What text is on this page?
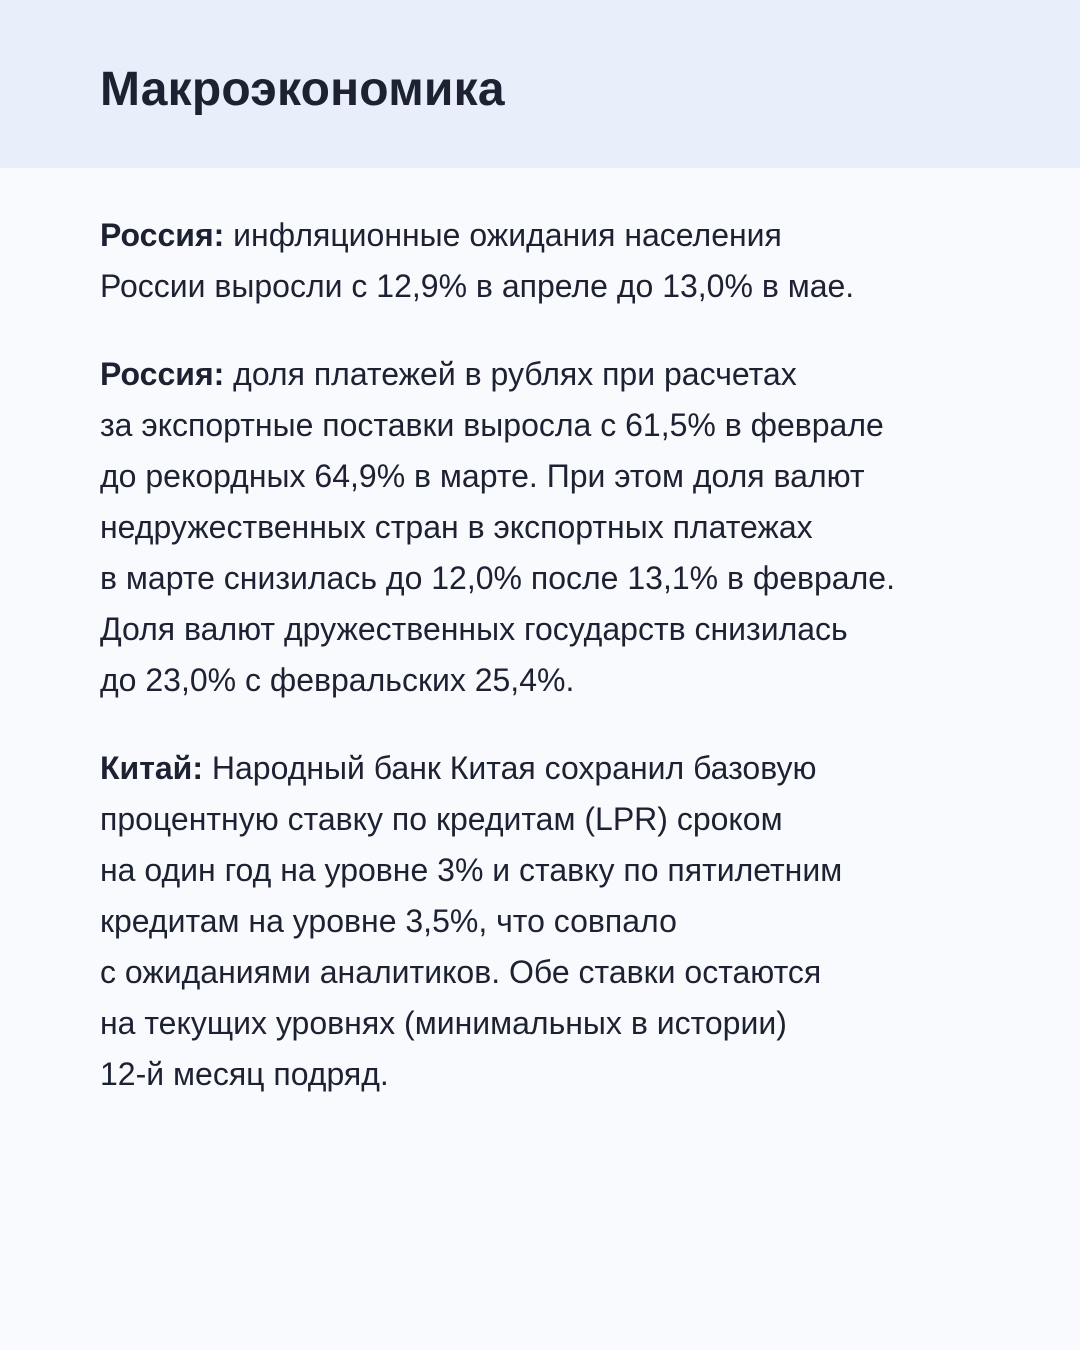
Макроэкономика

Россия: инфляционные ожидания населения
России выросли с 12,9% в апреле до 13,0% в мае.

Россия: доля платежей в рублях при расчетах
за экспортные поставки выросла с 61,5% в феврале
до рекордных 64,9% в марте. При этом доля валют
недружественных стран в экспортных платежах
в марте снизилась до 12,0% после 13,1% в феврале.
Доля валют дружественных государств снизилась
до 23,0% с февральских 25,4%.

Китай: Народный банк Китая сохранил базовую
процентную ставку по кредитам (LPR) сроком
на один год на уровне 3% и ставку по пятилетним
кредитам на уровне 3,5%, что совпало
с ожиданиями аналитиков. Обе ставки остаются
на текущих уровнях (минимальных в истории)
12-й месяц подряд.
